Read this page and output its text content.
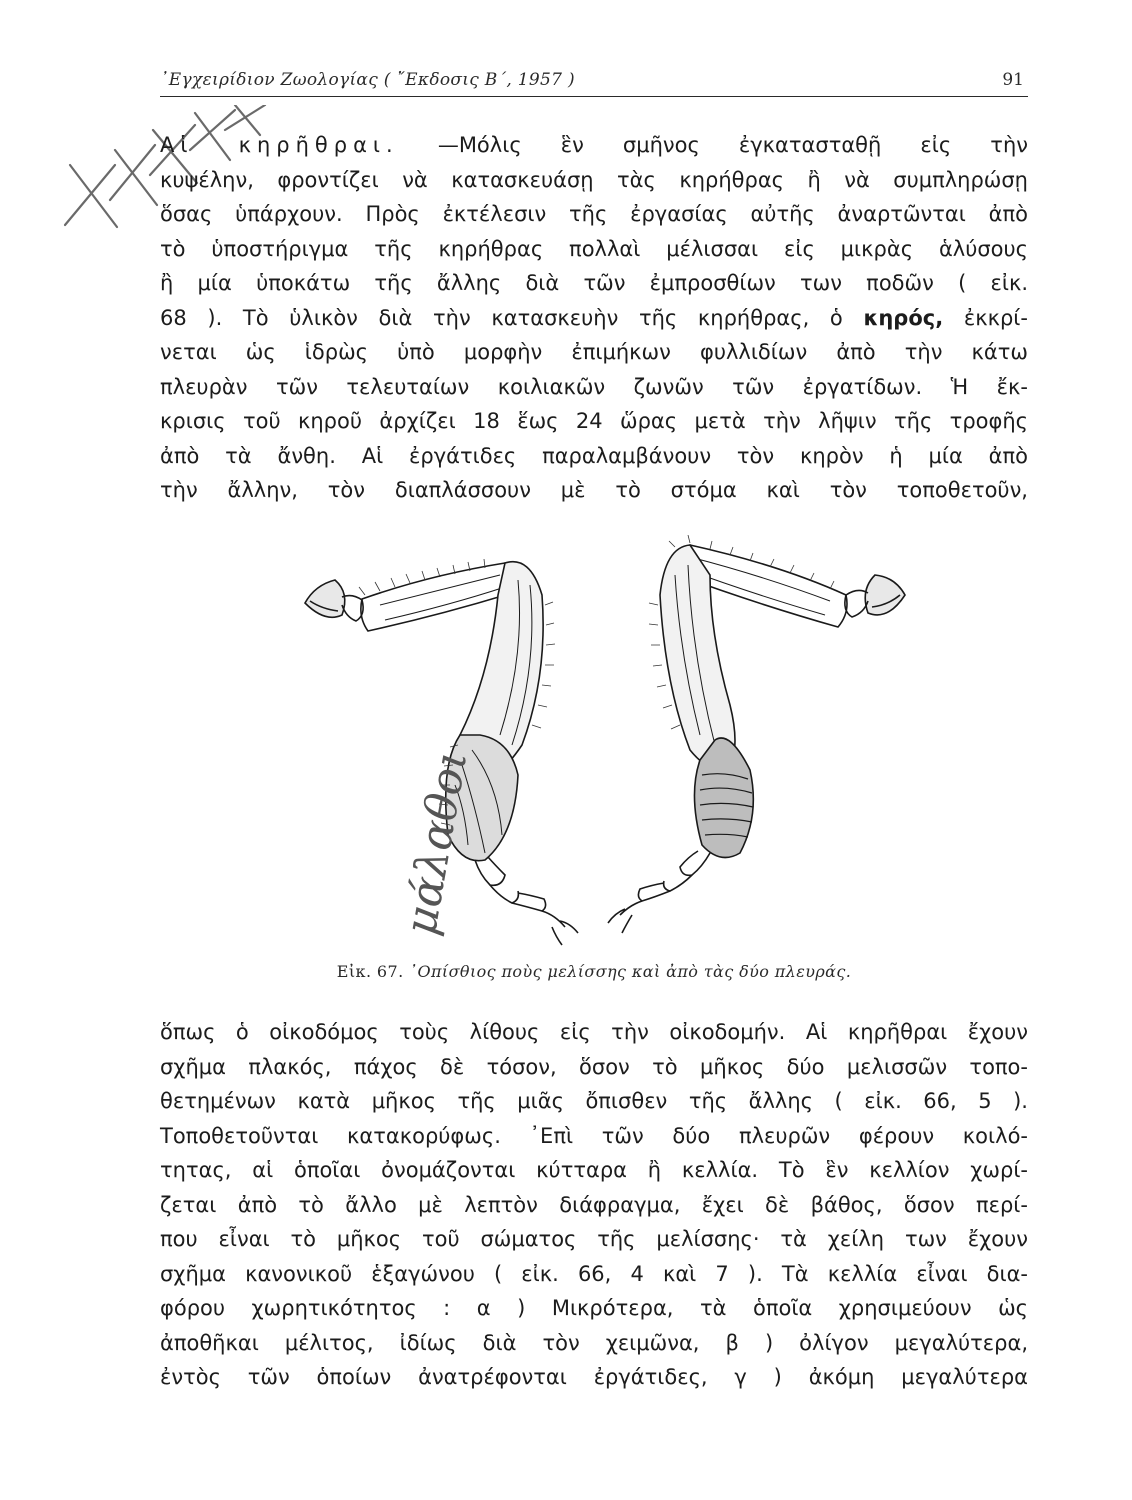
᾿Εγχειρίδιον Ζωολογίας ( ῎Εκδοσις Β΄, 1957 )	91
Αἱ κηρῆθραι. —Μόλις ἓν σμῆνος ἐγκατασταθῇ εἰς τὴν
κυψέλην, φροντίζει νὰ κατασκευάσῃ τὰς κηρήθρας ἢ νὰ συμπληρώσῃ
ὅσας ὑπάρχουν. Πρὸς ἐκτέλεσιν τῆς ἐργασίας αὐτῆς ἀναρτῶνται ἀπὸ
τὸ ὑποστήριγμα τῆς κηρήθρας πολλαὶ μέλισσαι εἰς μικρὰς ἁλύσους
ἢ μία ὑποκάτω τῆς ἄλλης διὰ τῶν ἐμπροσθίων των ποδῶν ( εἰκ.
68 ). Τὸ ὑλικὸν διὰ τὴν κατασκευὴν τῆς κηρήθρας, ὁ κηρός, ἐκκρί-
νεται ὡς ἱδρὼς ὑπὸ μορφὴν ἐπιμήκων φυλλιδίων ἀπὸ τὴν κάτω
πλευρὰν τῶν τελευταίων κοιλιακῶν ζωνῶν τῶν ἐργατίδων. Ἡ ἔκ-
κρισις τοῦ κηροῦ ἀρχίζει 18 ἕως 24 ὥρας μετὰ τὴν λῆψιν τῆς τροφῆς
ἀπὸ τὰ ἄνθη. Αἱ ἐργάτιδες παραλαμβάνουν τὸν κηρὸν ἡ μία ἀπὸ
τὴν ἄλλην, τὸν διαπλάσσουν μὲ τὸ στόμα καὶ τὸν τοποθετοῦν,
μάλαθοι
Εἰκ. 67. ᾿Οπίσθιος ποὺς μελίσσης καὶ ἀπὸ τὰς δύο πλευράς.
ὅπως ὁ οἰκοδόμος τοὺς λίθους εἰς τὴν οἰκοδομήν. Αἱ κηρῆθραι ἔχουν
σχῆμα πλακός, πάχος δὲ τόσον, ὅσον τὸ μῆκος δύο μελισσῶν τοπο-
θετημένων κατὰ μῆκος τῆς μιᾶς ὄπισθεν τῆς ἄλλης ( εἰκ. 66, 5 ).
Τοποθετοῦνται κατακορύφως. ᾿Επὶ τῶν δύο πλευρῶν φέρουν κοιλό-
τητας, αἱ ὁποῖαι ὀνομάζονται κύτταρα ἢ κελλία. Τὸ ἓν κελλίον χωρί-
ζεται ἀπὸ τὸ ἄλλο μὲ λεπτὸν διάφραγμα, ἔχει δὲ βάθος, ὅσον περί-
που εἶναι τὸ μῆκος τοῦ σώματος τῆς μελίσσης· τὰ χείλη των ἔχουν
σχῆμα κανονικοῦ ἑξαγώνου ( εἰκ. 66, 4 καὶ 7 ). Τὰ κελλία εἶναι δια-
φόρου χωρητικότητος : α ) Μικρότερα, τὰ ὁποῖα χρησιμεύουν ὡς
ἀποθῆκαι μέλιτος, ἰδίως διὰ τὸν χειμῶνα, β ) ὀλίγον μεγαλύτερα,
ἐντὸς τῶν ὁποίων ἀνατρέφονται ἐργάτιδες, γ ) ἀκόμη μεγαλύτερα
